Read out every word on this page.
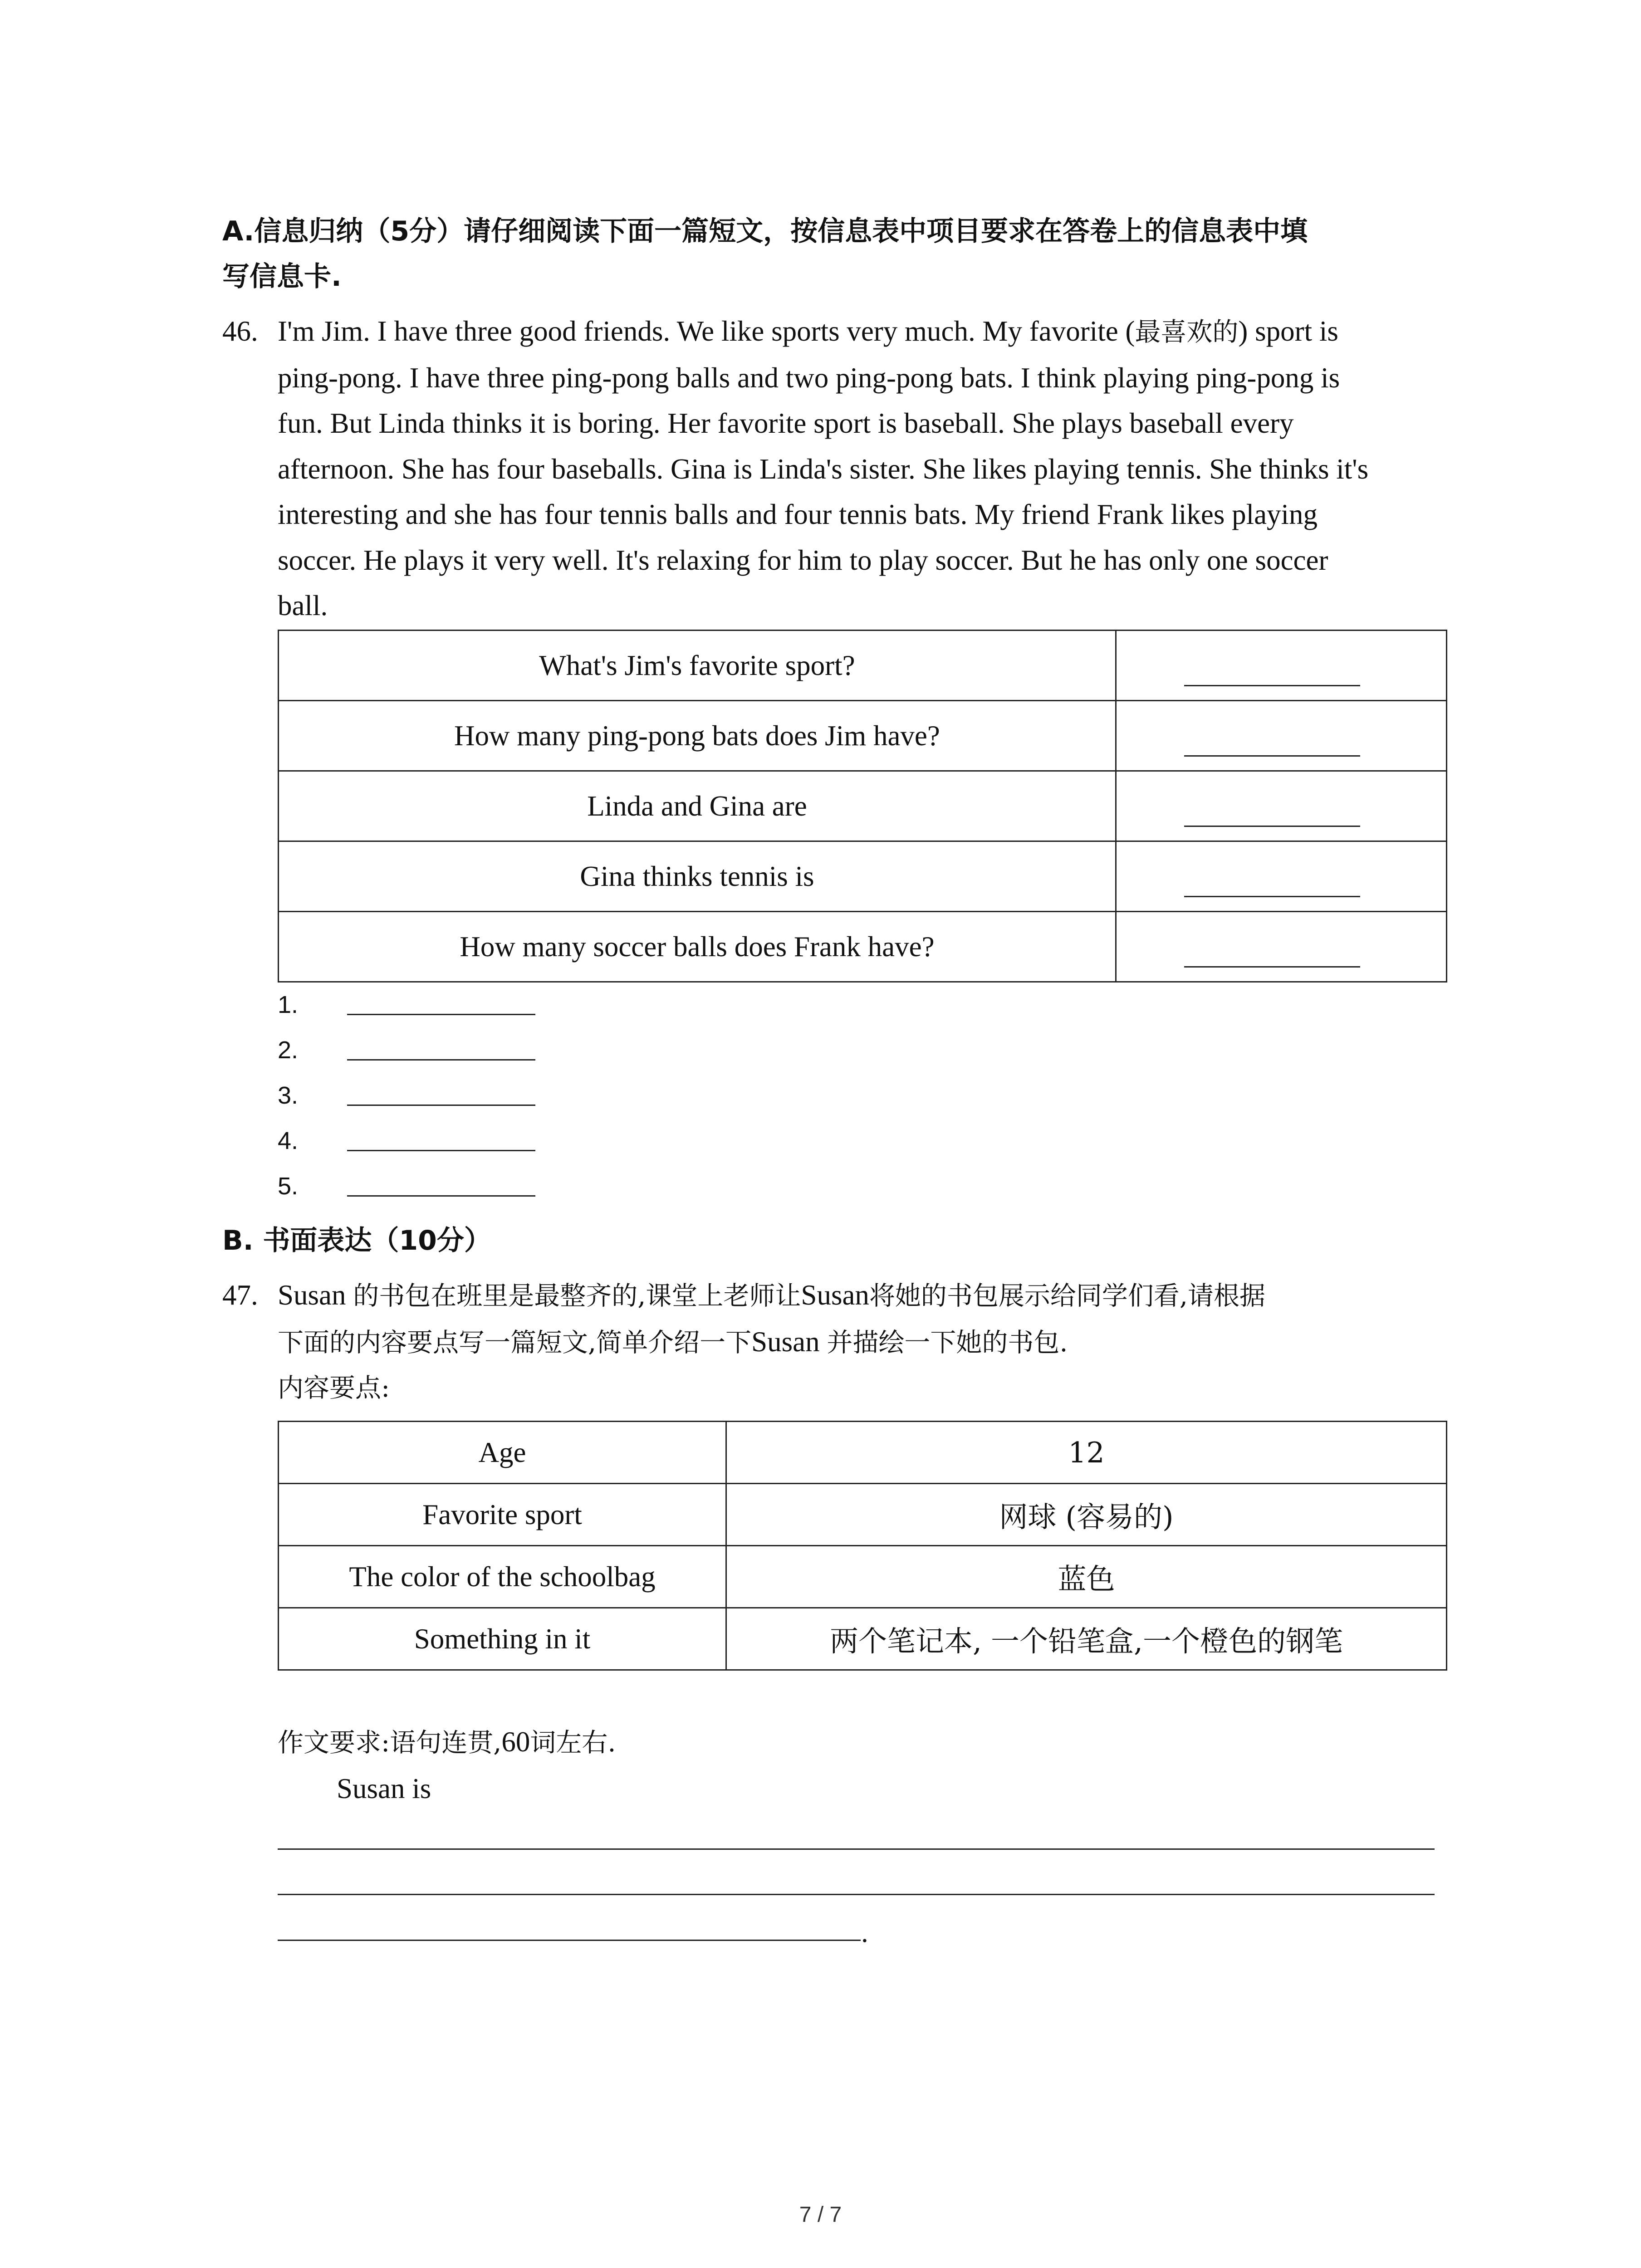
A.信息归纳（5分）请仔细阅读下面一篇短文，按信息表中项目要求在答卷上的信息表中填
写信息卡.
46. I'm Jim. I have three good friends. We like sports very much. My favorite (最喜欢的) sport is
ping-pong. I have three ping-pong balls and two ping-pong bats. I think playing ping-pong is
fun. But Linda thinks it is boring. Her favorite sport is baseball. She plays baseball every
afternoon. She has four baseballs. Gina is Linda's sister. She likes playing tennis. She thinks it's
interesting and she has four tennis balls and four tennis bats. My friend Frank likes playing
soccer. He plays it very well. It's relaxing for him to play soccer. But he has only one soccer
ball.
What's Jim's favorite sport?	

How many ping-pong bats does Jim have?	

Linda and Gina are	

Gina thinks tennis is	

How many soccer balls does Frank have?	
1.
2.
3.
4.
5.
B. 书面表达（10分）
47. Susan 的书包在班里是最整齐的,课堂上老师让Susan将她的书包展示给同学们看,请根据
下面的内容要点写一篇短文,简单介绍一下Susan 并描绘一下她的书包.
内容要点:
Age	12
Favorite sport	网球 (容易的)
The color of the schoolbag	蓝色
Something in it	两个笔记本, 一个铅笔盒,一个橙色的钢笔
作文要求:语句连贯,60词左右.
Susan is
.
7 / 7
